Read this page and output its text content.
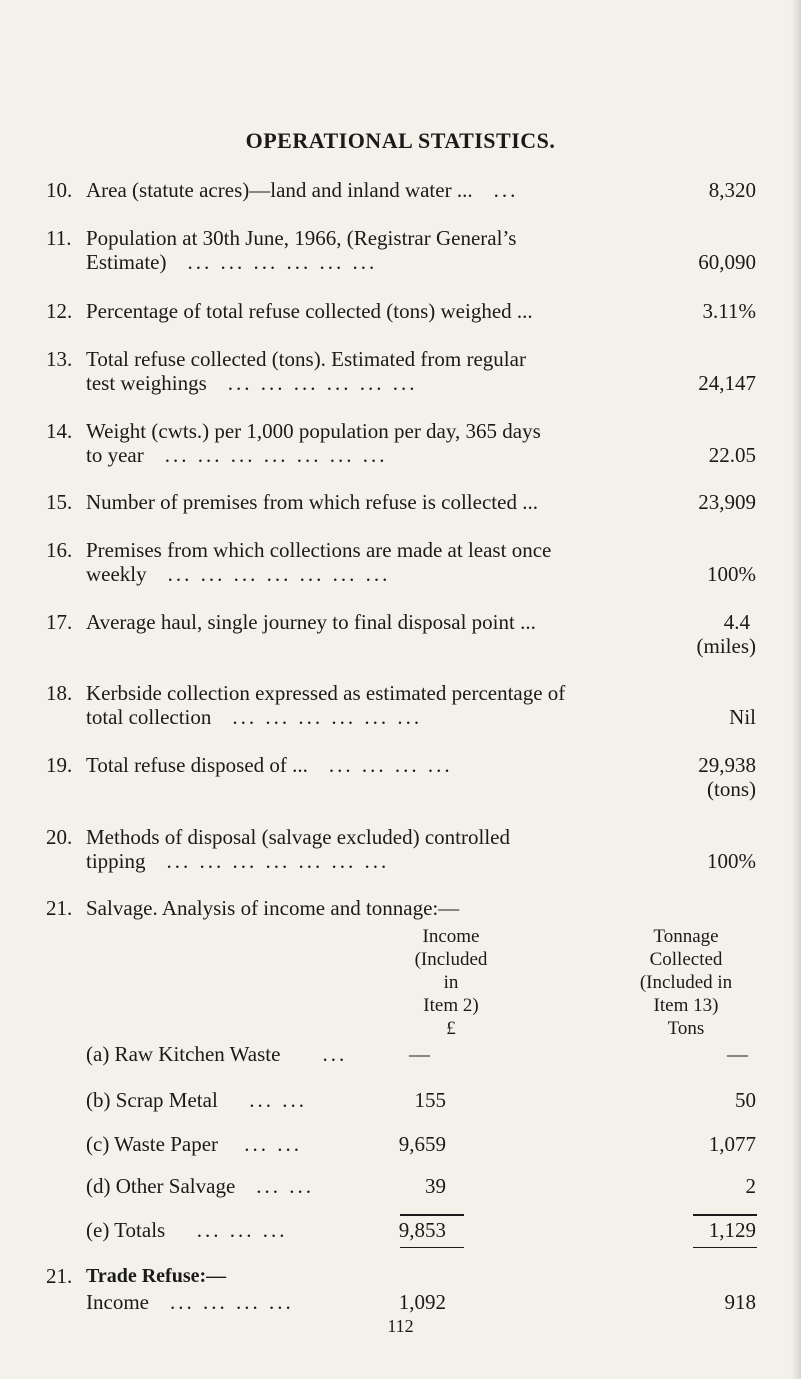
OPERATIONAL STATISTICS.
10. Area (statute acres)—land and inland water ... ...	8,320
11. Population at 30th June, 1966, (Registrar General’s
Estimate) ... ... ... ... ... ...	60,090
12. Percentage of total refuse collected (tons) weighed ...	3.11%
13. Total refuse collected (tons). Estimated from regular
test weighings ... ... ... ... ... ...	24,147
14. Weight (cwts.) per 1,000 population per day, 365 days
to year ... ... ... ... ... ... ...	22.05
15. Number of premises from which refuse is collected ...	23,909
16. Premises from which collections are made at least once
weekly ... ... ... ... ... ... ...	100%
17. Average haul, single journey to final disposal point ...	4.4
(miles)
18. Kerbside collection expressed as estimated percentage of
total collection ... ... ... ... ... ...	Nil
19. Total refuse disposed of ... ... ... ... ...	29,938
(tons)
20. Methods of disposal (salvage excluded) controlled
tipping ... ... ... ... ... ... ...	100%
21. Salvage. Analysis of income and tonnage:—
Income
(Included
in
Item 2)
£
Tonnage
Collected
(Included in
Item 13)
Tons
(a) Raw Kitchen Waste ...	—	—
(b) Scrap Metal ... ...	155	50
(c) Waste Paper ... ...	9,659	1,077
(d) Other Salvage ... ...	39	2
(e) Totals ... ... ...	9,853	1,129
21. Trade Refuse:—
Income ... ... ... ...	1,092	918
112
